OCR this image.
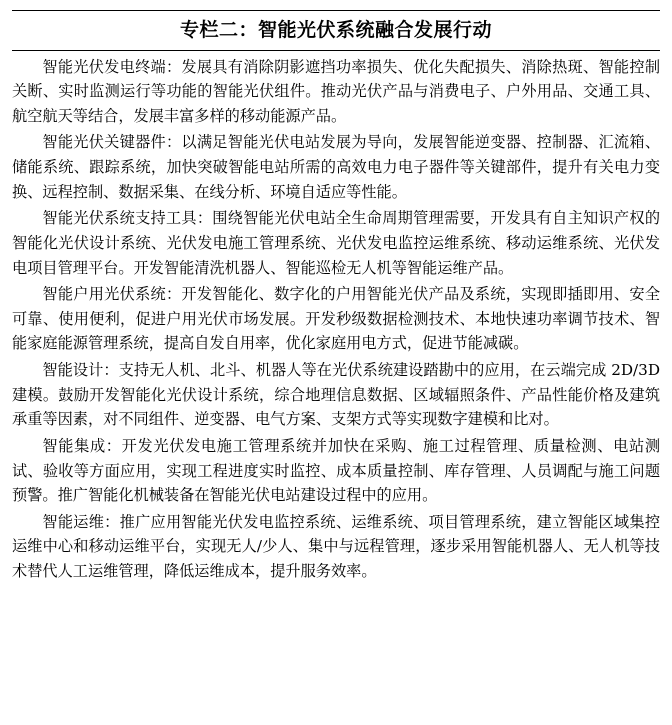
专栏二：智能光伏系统融合发展行动

智能光伏发电终端：发展具有消除阴影遮挡功率损失、优化失配损失、消除热斑、智能控制关断、实时监测运行等功能的智能光伏组件。推动光伏产品与消费电子、户外用品、交通工具、航空航天等结合，发展丰富多样的移动能源产品。

智能光伏关键器件：以满足智能光伏电站发展为导向，发展智能逆变器、控制器、汇流箱、储能系统、跟踪系统，加快突破智能电站所需的高效电力电子器件等关键部件，提升有关电力变换、远程控制、数据采集、在线分析、环境自适应等性能。

智能光伏系统支持工具：围绕智能光伏电站全生命周期管理需要，开发具有自主知识产权的智能化光伏设计系统、光伏发电施工管理系统、光伏发电监控运维系统、移动运维系统、光伏发电项目管理平台。开发智能清洗机器人、智能巡检无人机等智能运维产品。

智能户用光伏系统：开发智能化、数字化的户用智能光伏产品及系统，实现即插即用、安全可靠、使用便利，促进户用光伏市场发展。开发秒级数据检测技术、本地快速功率调节技术、智能家庭能源管理系统，提高自发自用率，优化家庭用电方式，促进节能减碳。

智能设计：支持无人机、北斗、机器人等在光伏系统建设踏勘中的应用，在云端完成 2D/3D 建模。鼓励开发智能化光伏设计系统，综合地理信息数据、区域辐照条件、产品性能价格及建筑承重等因素，对不同组件、逆变器、电气方案、支架方式等实现数字建模和比对。

智能集成：开发光伏发电施工管理系统并加快在采购、施工过程管理、质量检测、电站测试、验收等方面应用，实现工程进度实时监控、成本质量控制、库存管理、人员调配与施工问题预警。推广智能化机械装备在智能光伏电站建设过程中的应用。

智能运维：推广应用智能光伏发电监控系统、运维系统、项目管理系统，建立智能区域集控运维中心和移动运维平台，实现无人/少人、集中与远程管理，逐步采用智能机器人、无人机等技术替代人工运维管理，降低运维成本，提升服务效率。
